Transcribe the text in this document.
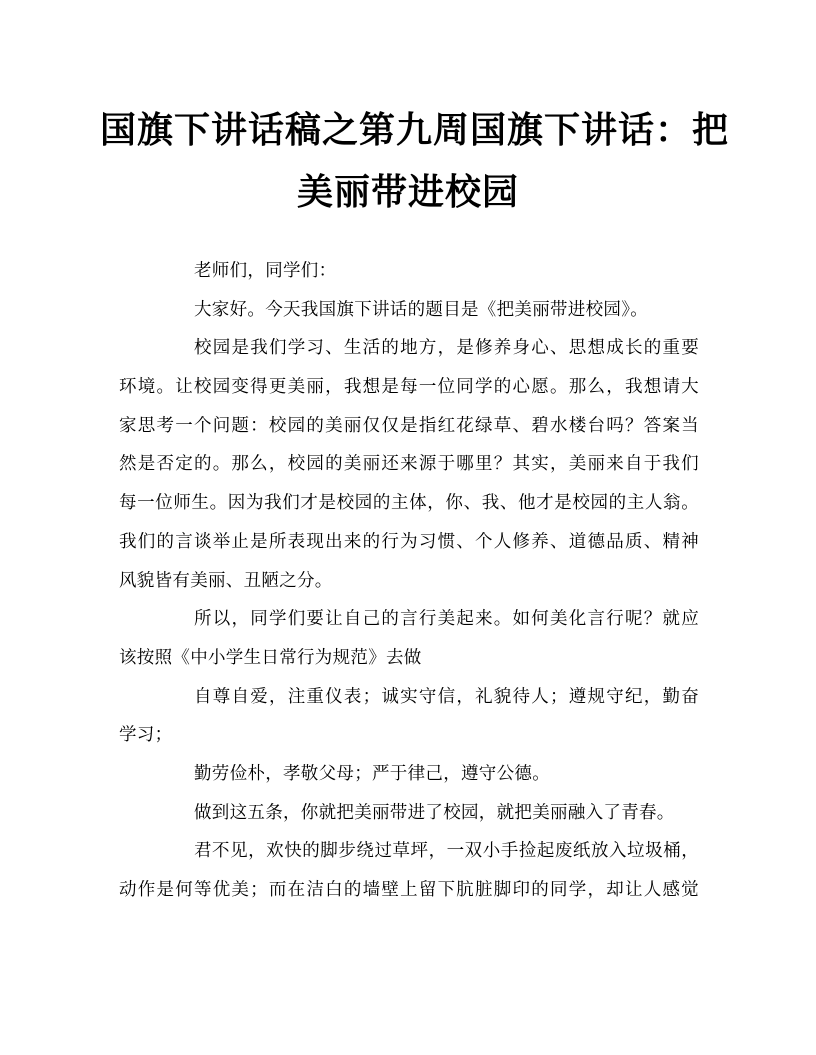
国旗下讲话稿之第九周国旗下讲话：把
美丽带进校园
老师们，同学们：
大家好。今天我国旗下讲话的题目是《把美丽带进校园》。
校园是我们学习、生活的地方，是修养身心、思想成长的重要
环境。让校园变得更美丽，我想是每一位同学的心愿。那么，我想请大
家思考一个问题：校园的美丽仅仅是指红花绿草、碧水楼台吗？答案当
然是否定的。那么，校园的美丽还来源于哪里？其实，美丽来自于我们
每一位师生。因为我们才是校园的主体，你、我、他才是校园的主人翁。
我们的言谈举止是所表现出来的行为习惯、个人修养、道德品质、精神
风貌皆有美丽、丑陋之分。
所以，同学们要让自己的言行美起来。如何美化言行呢？就应
该按照《中小学生日常行为规范》去做
自尊自爱，注重仪表；诚实守信，礼貌待人；遵规守纪，勤奋
学习；
勤劳俭朴，孝敬父母；严于律己，遵守公德。
做到这五条，你就把美丽带进了校园，就把美丽融入了青春。
君不见，欢快的脚步绕过草坪，一双小手捡起废纸放入垃圾桶，
动作是何等优美；而在洁白的墙壁上留下肮脏脚印的同学，却让人感觉
